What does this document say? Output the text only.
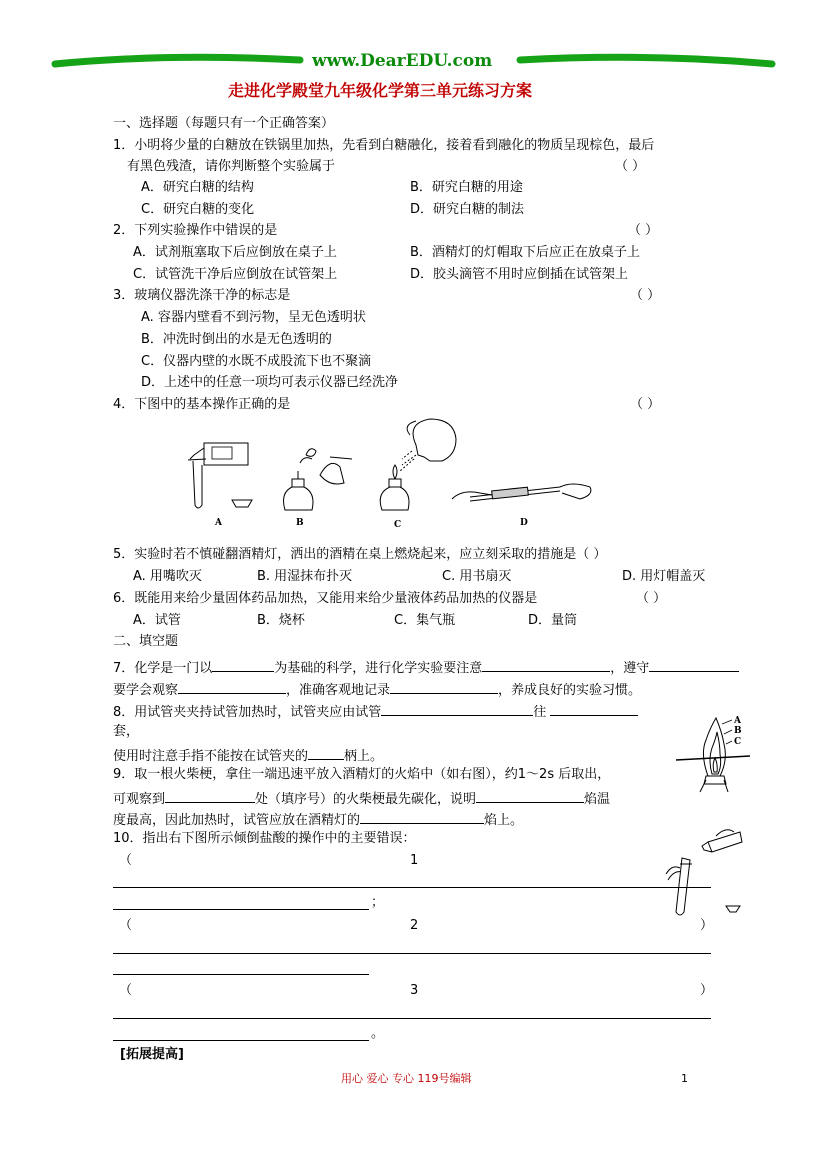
www.DearEDU.com
走进化学殿堂九年级化学第三单元练习方案
一、选择题（每题只有一个正确答案）
1．小明将少量的白糖放在铁锅里加热，先看到白糖融化，接着看到融化的物质呈现棕色，最后
有黑色残渣，请你判断整个实验属于	（ ）
A．研究白糖的结构	B．研究白糖的用途
C．研究白糖的变化	D．研究白糖的制法
2．下列实验操作中错误的是	（ ）
A．试剂瓶塞取下后应倒放在桌子上	B．酒精灯的灯帽取下后应正在放桌子上
C．试管洗干净后应倒放在试管架上	D．胶头滴管不用时应倒插在试管架上
3．玻璃仪器洗涤干净的标志是	（ ）
A. 容器内壁看不到污物，呈无色透明状
B．冲洗时倒出的水是无色透明的
C．仪器内壁的水既不成股流下也不聚滴
D．上述中的任意一项均可表示仪器已经洗净
4．下图中的基本操作正确的是	（ ）
A	B	C	D
5．实验时若不慎碰翻酒精灯，洒出的酒精在桌上燃烧起来，应立刻采取的措施是（ ）
A. 用嘴吹灭	B. 用湿抹布扑灭	C. 用书扇灭	D. 用灯帽盖灭
6．既能用来给少量固体药品加热，又能用来给少量液体药品加热的仪器是	（ ）
A．试管	B．烧杯	C．集气瓶	D．量筒
二、填空题
7．化学是一门以	为基础的科学，进行化学实验要注意	，遵守
要学会观察	，准确客观地记录	，养成良好的实验习惯。
8．用试管夹夹持试管加热时，试管夹应由试管	往
套，
使用时注意手指不能按在试管夹的	柄上。
A
B
C
9．取一根火柴梗，拿住一端迅速平放入酒精灯的火焰中（如右图），约1～2s 后取出，
可观察到	处（填序号）的火柴梗最先碳化，说明	焰温
度最高，因此加热时，试管应放在酒精灯的	焰上。
10．指出右下图所示倾倒盐酸的操作中的主要错误：
（	1
；
（	2	）
（	3	）
。
[拓展提高]
用心 爱心 专心 119号编辑	1
